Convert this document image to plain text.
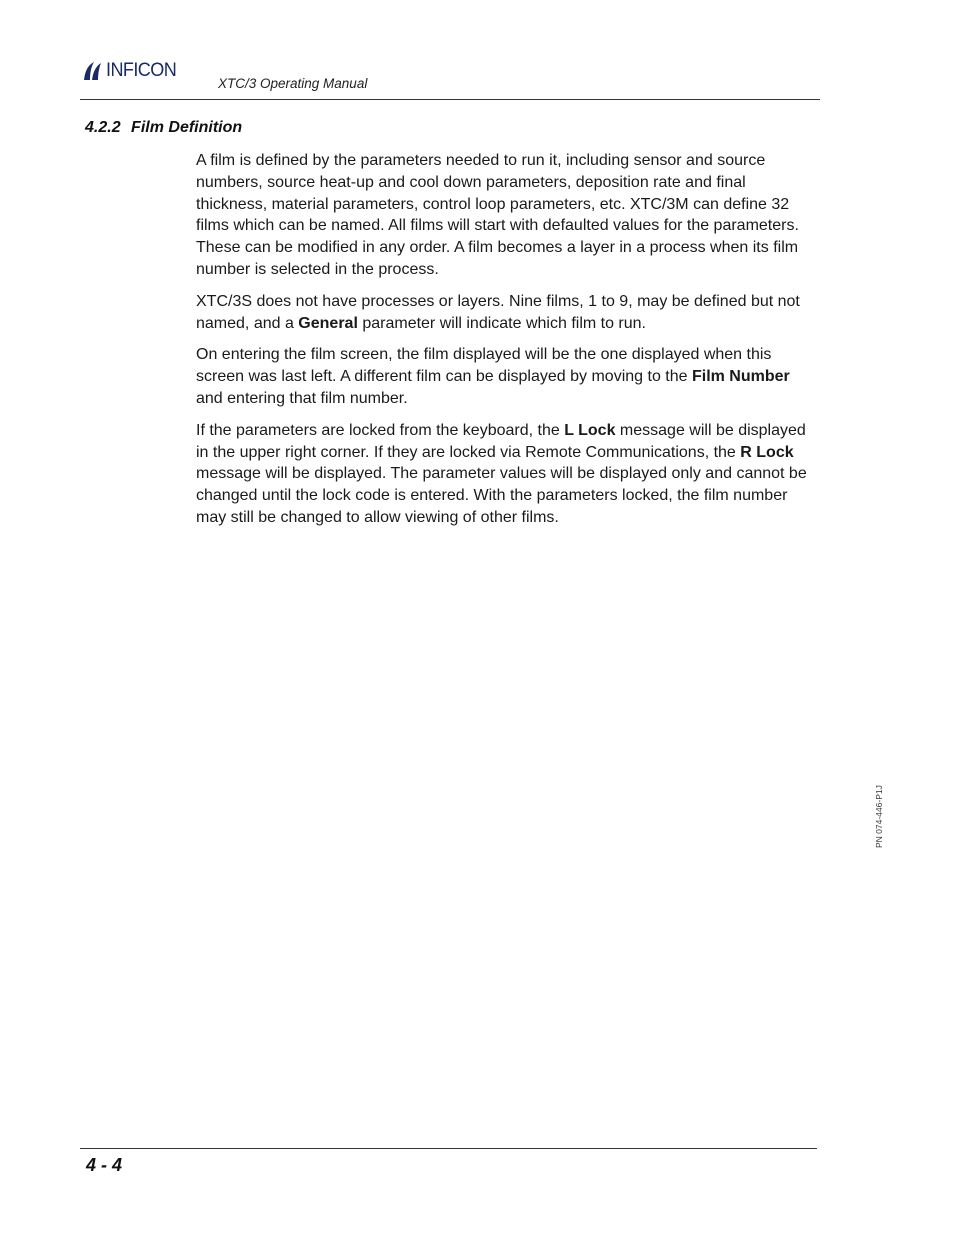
INFICON
XTC/3 Operating Manual
4.2.2 Film Definition

A film is defined by the parameters needed to run it, including sensor and source numbers, source heat-up and cool down parameters, deposition rate and final thickness, material parameters, control loop parameters, etc. XTC/3M can define 32 films which can be named. All films will start with defaulted values for the parameters. These can be modified in any order. A film becomes a layer in a process when its film number is selected in the process.

XTC/3S does not have processes or layers. Nine films, 1 to 9, may be defined but not named, and a General parameter will indicate which film to run.

On entering the film screen, the film displayed will be the one displayed when this screen was last left. A different film can be displayed by moving to the Film Number and entering that film number.

If the parameters are locked from the keyboard, the L Lock message will be displayed in the upper right corner. If they are locked via Remote Communications, the R Lock message will be displayed. The parameter values will be displayed only and cannot be changed until the lock code is entered. With the parameters locked, the film number may still be changed to allow viewing of other films.

PN 074-446-P1J
4 - 4
